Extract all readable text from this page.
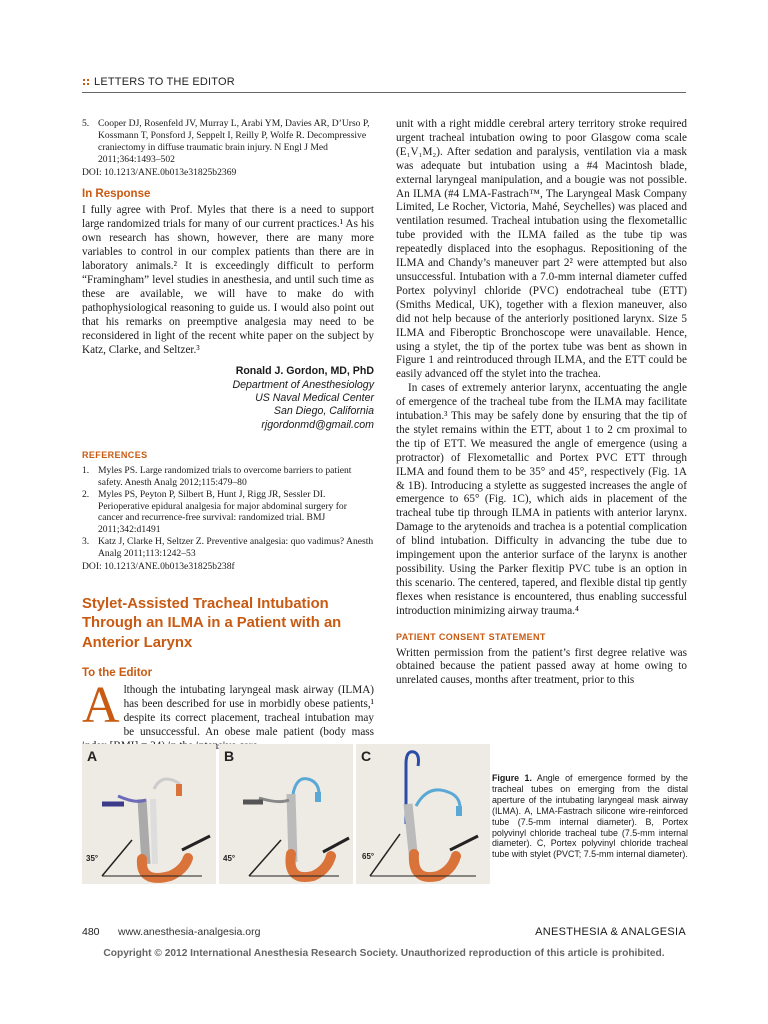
LETTERS TO THE EDITOR
5. Cooper DJ, Rosenfeld JV, Murray L, Arabi YM, Davies AR, D’Urso P, Kossmann T, Ponsford J, Seppelt I, Reilly P, Wolfe R. Decompressive craniectomy in diffuse traumatic brain injury. N Engl J Med 2011;364:1493–502
DOI: 10.1213/ANE.0b013e31825b2369
In Response

I fully agree with Prof. Myles that there is a need to support large randomized trials for many of our current practices.¹ As his own research has shown, however, there are many more variables to control in our complex patients than there are in laboratory animals.² It is exceedingly difficult to perform “Framingham” level studies in anesthesia, and until such time as these are available, we will have to make do with pathophysiological reasoning to guide us. I would also point out that his remarks on preemptive analgesia may need to be reconsidered in light of the recent white paper on the subject by Katz, Clarke, and Seltzer.³

Ronald J. Gordon, MD, PhD
Department of Anesthesiology
US Naval Medical Center
San Diego, California
rjgordonmd@gmail.com
REFERENCES
1. Myles PS. Large randomized trials to overcome barriers to patient safety. Anesth Analg 2012;115:479–80
2. Myles PS, Peyton P, Silbert B, Hunt J, Rigg JR, Sessler DI. Perioperative epidural analgesia for major abdominal surgery for cancer and recurrence-free survival: randomized trial. BMJ 2011;342:d1491
3. Katz J, Clarke H, Seltzer Z. Preventive analgesia: quo vadimus? Anesth Analg 2011;113:1242–53
DOI: 10.1213/ANE.0b013e31825b238f
Stylet-Assisted Tracheal Intubation Through an ILMA in a Patient with an Anterior Larynx
To the Editor
A lthough the intubating laryngeal mask airway (ILMA) has been described for use in morbidly obese patients,¹ despite its correct placement, tracheal intubation may be unsuccessful. An obese male patient (body mass intensive

unit with a right middle cerebral artery territory stroke required urgent tracheal intubation owing to poor Glasgow coma scale (E₁V₁M₂). After sedation and paralysis, ventilation via a mask was adequate but intubation using a #4 Macintosh blade, external laryngeal manipulation, and a bougie was not possible. An ILMA (#4 LMA-Fastrach™, The Laryngeal Mask Company Limited, Le Rocher, Victoria, Mahé, Seychelles) was placed and ventilation resumed. Tracheal intubation using the flexometallic tube provided with the ILMA failed as the tube tip was repeatedly displaced into the esophagus. Repositioning of the ILMA and Chandy’s maneuver part 2² were attempted but also unsuccessful. Intubation with a 7.0-mm internal diameter cuffed Portex polyvinyl chloride (PVC) endotracheal tube (ETT) (Smiths Medical, UK), together with a flexion maneuver, also did not help because of the anteriorly positioned larynx. Size 5 ILMA and Fiberoptic Bronchoscope were unavailable. Hence, using a stylet, the tip of the portex tube was bent as shown in Figure 1 and reintroduced through ILMA, and the ETT could be easily advanced off the stylet into the trachea.

In cases of extremely anterior larynx, accentuating the angle of emergence of the tracheal tube from the ILMA may facilitate intubation.³ This may be safely done by ensuring that the tip of the stylet remains within the ETT, about 1 to 2 cm proximal to the tip of ETT. We measured the angle of emergence (using a protractor) of Flexometallic and Portex PVC ETT through ILMA and found them to be 35° and 45°, respectively (Fig. 1A & 1B). Introducing a stylette as suggested increases the angle of emergence to 65° (Fig. 1C), which aids in placement of the tracheal tube tip through ILMA in patients with anterior larynx. Damage to the arytenoids and trachea is a potential complication of blind intubation. Difficulty in advancing the tube due to impingement upon the anterior surface of the larynx is another possibility. Using the Parker flexitip PVC tube is an option in this scenario. The centered, tapered, and flexible distal tip gently flexes when resistance is encountered, thus enabling successful introduction minimizing airway trauma.⁴

PATIENT CONSENT STATEMENT

Written permission from the patient’s first degree relative was obtained because the patient passed away at home owing to unrelated causes, months after treatment, prior to this

A
35°
B
45°
C
65°
Figure 1. Angle of emergence formed by the tracheal tubes on emerging from the distal aperture of the intubating laryngeal mask airway (ILMA). A, LMA-Fastrach silicone wire-reinforced tube (7.5-mm internal diameter). B, Portex polyvinyl chloride tracheal tube (7.5-mm internal diameter). C, Portex polyvinyl chloride tracheal tube with stylet (PVCT; 7.5-mm internal diameter).
480 www.anesthesia-analgesia.org	ANESTHESIA & ANALGESIA
Copyright © 2012 International Anesthesia Research Society. Unauthorized reproduction of this article is prohibited.
